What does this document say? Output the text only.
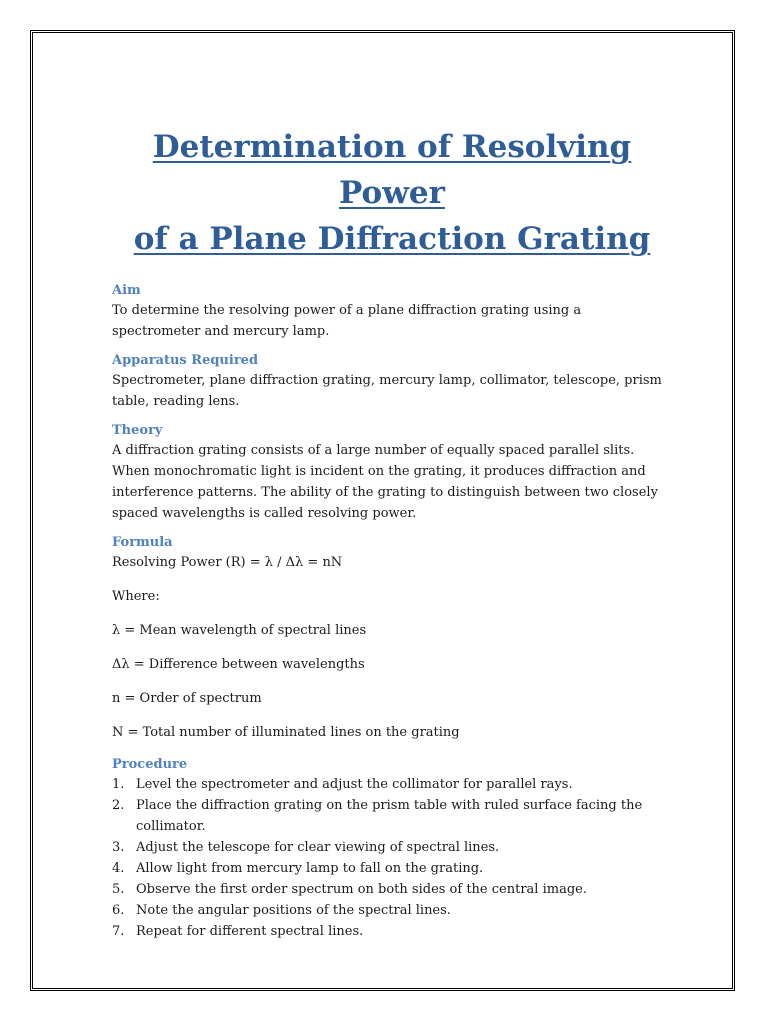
Determination of Resolving Power
of a Plane Diffraction Grating
Aim

To determine the resolving power of a plane diffraction grating using a spectrometer and mercury lamp.

Apparatus Required

Spectrometer, plane diffraction grating, mercury lamp, collimator, telescope, prism table, reading lens.

Theory

A diffraction grating consists of a large number of equally spaced parallel slits. When monochromatic light is incident on the grating, it produces diffraction and interference patterns. The ability of the grating to distinguish between two closely spaced wavelengths is called resolving power.

Formula

Resolving Power (R) = λ / Δλ = nN

Where:

λ = Mean wavelength of spectral lines

Δλ = Difference between wavelengths

n = Order of spectrum

N = Total number of illuminated lines on the grating

Procedure
1. Level the spectrometer and adjust the collimator for parallel rays.
2. Place the diffraction grating on the prism table with ruled surface facing the collimator.
3. Adjust the telescope for clear viewing of spectral lines.
4. Allow light from mercury lamp to fall on the grating.
5. Observe the first order spectrum on both sides of the central image.
6. Note the angular positions of the spectral lines.
7. Repeat for different spectral lines.
